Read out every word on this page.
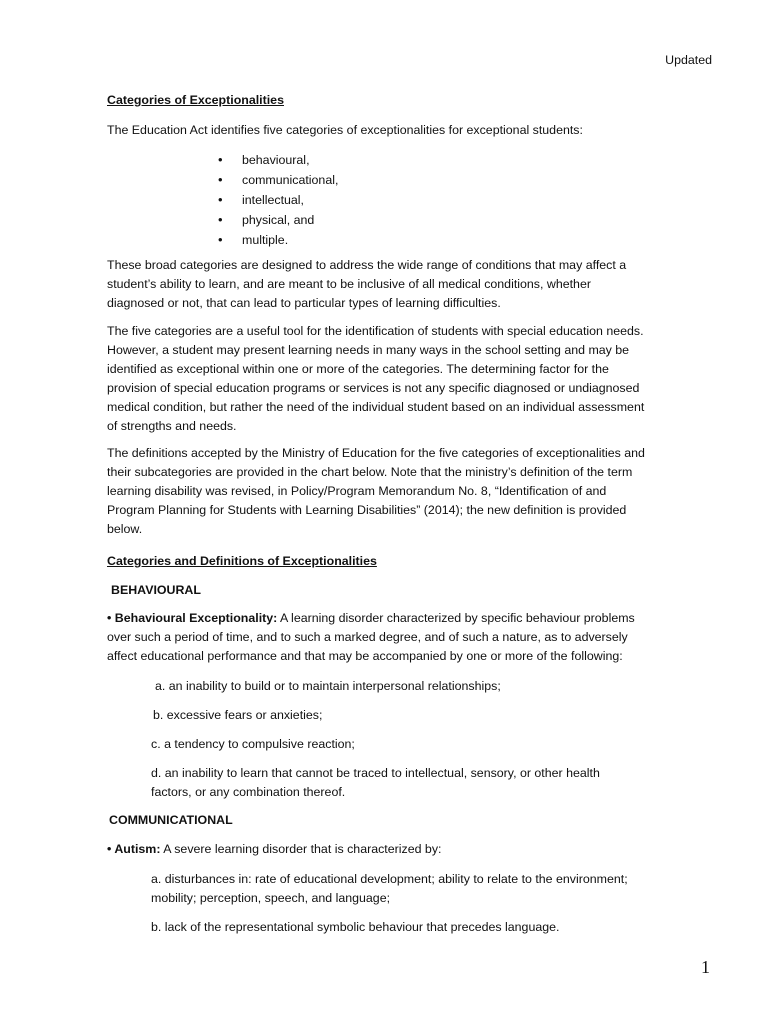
Updated
Categories of Exceptionalities
The Education Act identifies five categories of exceptionalities for exceptional students:
• behavioural,
• communicational,
• intellectual,
• physical, and
• multiple.
These broad categories are designed to address the wide range of conditions that may affect a
student’s ability to learn, and are meant to be inclusive of all medical conditions, whether
diagnosed or not, that can lead to particular types of learning difficulties.
The five categories are a useful tool for the identification of students with special education needs.
However, a student may present learning needs in many ways in the school setting and may be
identified as exceptional within one or more of the categories. The determining factor for the
provision of special education programs or services is not any specific diagnosed or undiagnosed
medical condition, but rather the need of the individual student based on an individual assessment
of strengths and needs.
The definitions accepted by the Ministry of Education for the five categories of exceptionalities and
their subcategories are provided in the chart below. Note that the ministry’s definition of the term
learning disability was revised, in Policy/Program Memorandum No. 8, “Identification of and
Program Planning for Students with Learning Disabilities” (2014); the new definition is provided
below.
Categories and Definitions of Exceptionalities
BEHAVIOURAL
• Behavioural Exceptionality: A learning disorder characterized by specific behaviour problems
over such a period of time, and to such a marked degree, and of such a nature, as to adversely
affect educational performance and that may be accompanied by one or more of the following:
a. an inability to build or to maintain interpersonal relationships;
b. excessive fears or anxieties;
c. a tendency to compulsive reaction;
d. an inability to learn that cannot be traced to intellectual, sensory, or other health
factors, or any combination thereof.
COMMUNICATIONAL
• Autism: A severe learning disorder that is characterized by:
a. disturbances in: rate of educational development; ability to relate to the environment;
mobility; perception, speech, and language;
b. lack of the representational symbolic behaviour that precedes language.
1
